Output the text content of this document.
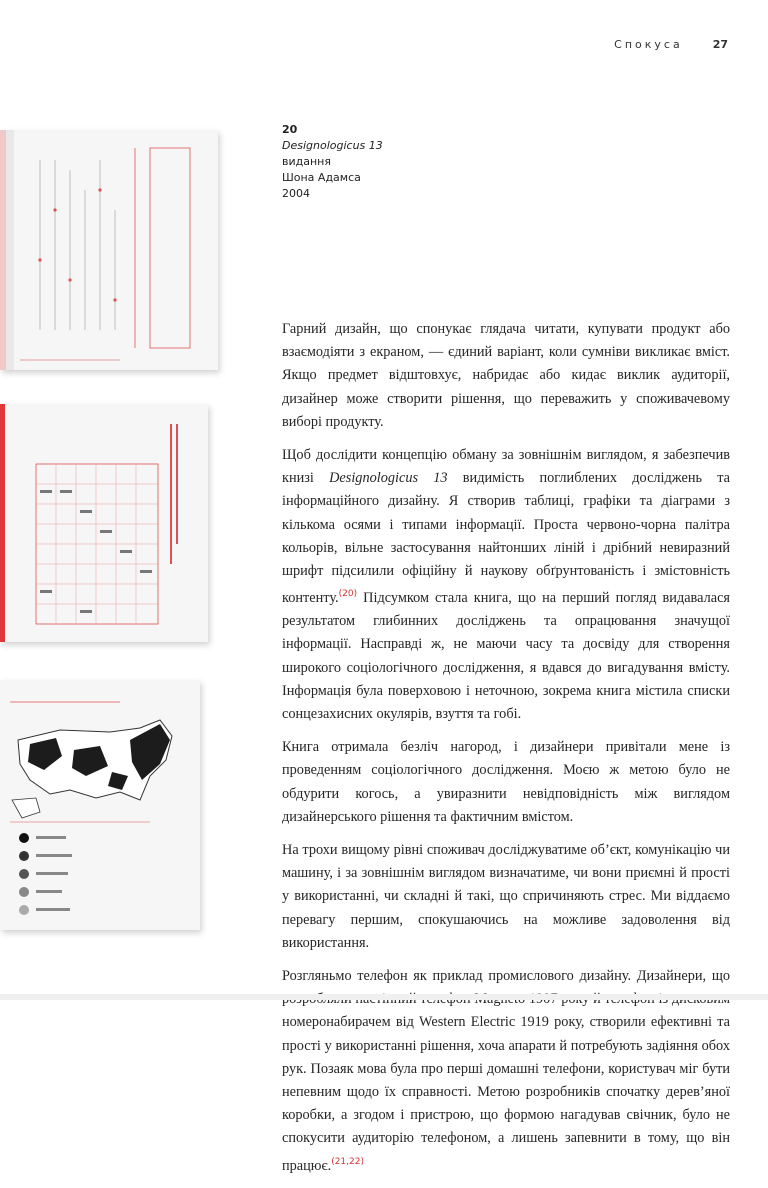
Спокуса	27
20
Designologicus 13
видання
Шона Адамса
2004

Гарний дизайн, що спонукає глядача читати, купувати продукт або взаємодіяти з екраном, — єдиний варіант, коли сумніви викликає вміст. Якщо предмет відштовхує, набридає або кидає виклик аудиторії, дизайнер може створити рішення, що переважить у споживачевому виборі продукту.

Щоб дослідити концепцію обману за зовнішнім виглядом, я забезпечив книзі Designologicus 13 видимість поглиблених досліджень та інформаційного дизайну. Я створив таблиці, графіки та діаграми з кількома осями і типами інформації. Проста червоно-чорна палітра кольорів, вільне застосування найтонших ліній і дрібний невиразний шрифт підсилили офіційну й наукову обґрунтованість і змістовність контенту.$^{(20)}$ Підсумком стала книга, що на перший погляд видавалася результатом глибинних досліджень та опрацювання значущої інформації. Насправді ж, не маючи часу та досвіду для створення широкого соціологічного дослідження, я вдався до вигадування вмісту. Інформація була поверховою і неточною, зокрема книга містила списки сонцезахисних окулярів, взуття та гобі.

Книга отримала безліч нагород, і дизайнери привітали мене із проведенням соціологічного дослідження. Моєю ж метою було не обдурити когось, а увиразнити невідповідність між виглядом дизайнерського рішення та фактичним вмістом.

На трохи вищому рівні споживач досліджуватиме об’єкт, комунікацію чи машину, і за зовнішнім виглядом визначатиме, чи вони приємні й прості у використанні, чи складні й такі, що спричиняють стрес. Ми віддаємо перевагу першим, спокушаючись на можливе задоволення від використання.

Розгляньмо телефон як приклад промислового дизайну. Дизайнери, що номеронабирачем від Western Electric 1919 року, створили ефективні та прості у використанні рішення, хоча апарати й потребують задіяння обох рук. Позаяк мова була про перші домашні телефони, користувач міг бути непевним щодо їх справності. Метою розробників спочатку дерев’яної коробки, а згодом і пристрою, що формою нагадував свічник, було не спокусити аудиторію телефоном, а лишень запевнити в тому, що він працює.$^{(21,22)}$
